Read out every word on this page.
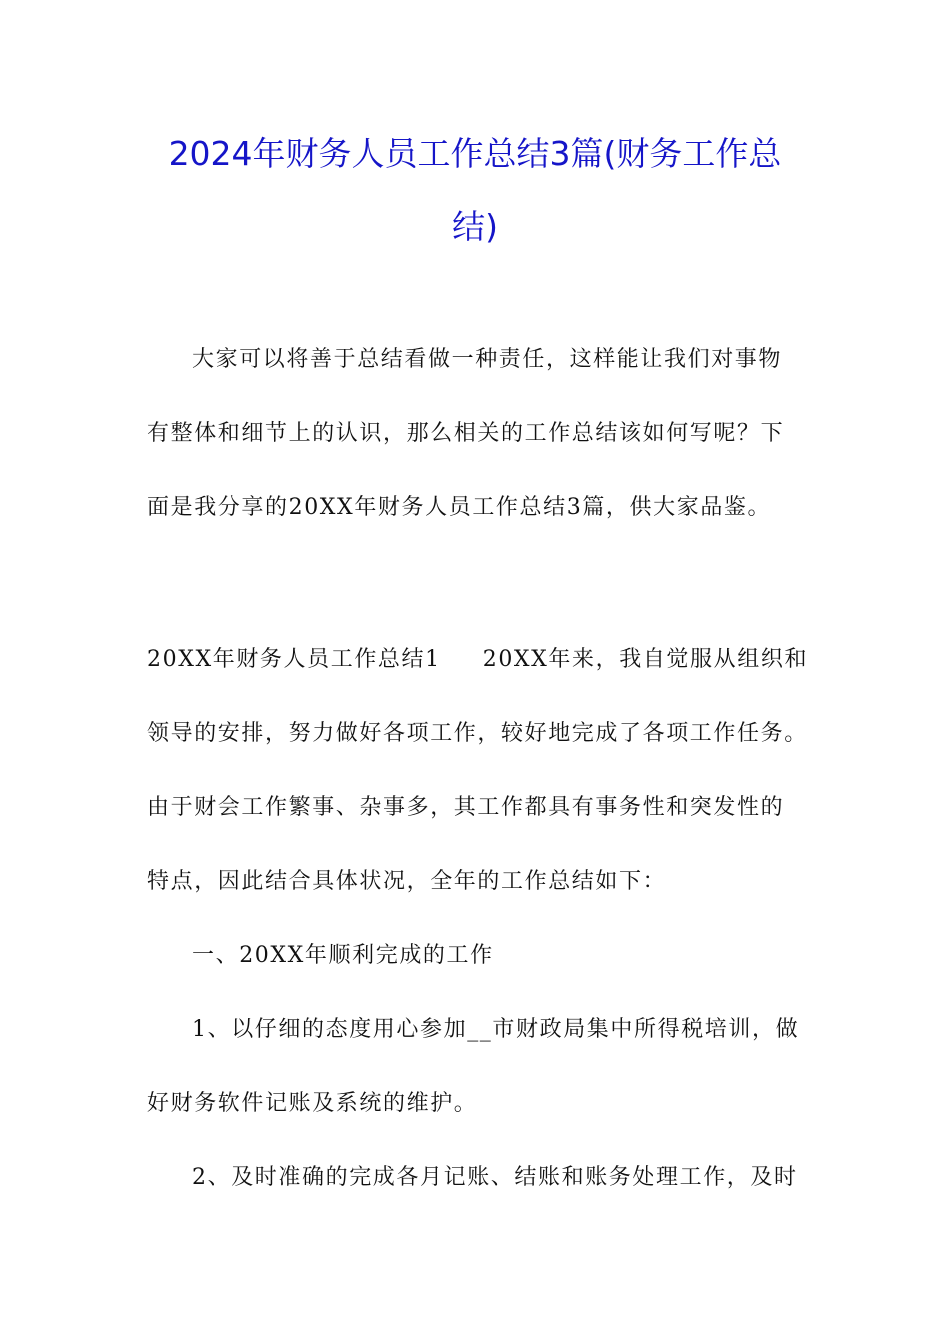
2024年财务人员工作总结3篇(财务工作总
结)
大家可以将善于总结看做一种责任，这样能让我们对事物
有整体和细节上的认识，那么相关的工作总结该如何写呢？下
面是我分享的20XX年财务人员工作总结3篇，供大家品鉴。
20XX年财务人员工作总结1 20XX年来，我自觉服从组织和
领导的安排，努力做好各项工作，较好地完成了各项工作任务。
由于财会工作繁事、杂事多，其工作都具有事务性和突发性的
特点，因此结合具体状况，全年的工作总结如下：
一、20XX年顺利完成的工作
1、以仔细的态度用心参加__市财政局集中所得税培训，做
好财务软件记账及系统的维护。
2、及时准确的完成各月记账、结账和账务处理工作，及时
